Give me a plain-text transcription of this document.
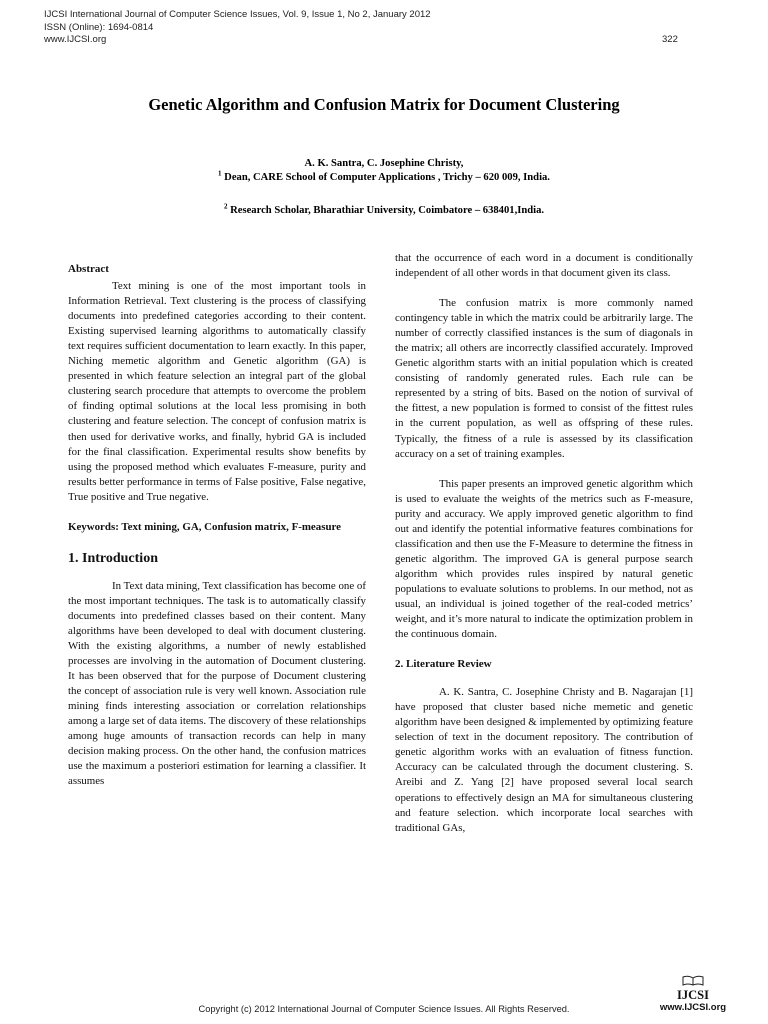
IJCSI International Journal of Computer Science Issues, Vol. 9, Issue 1, No 2, January 2012
ISSN (Online): 1694-0814
www.IJCSI.org	322
Genetic Algorithm and Confusion Matrix for Document Clustering
A. K. Santra, C. Josephine Christy,
$^1$ Dean, CARE School of Computer Applications , Trichy – 620 009, India.
$^2$ Research Scholar, Bharathiar University, Coimbatore – 638401,India.
Abstract

Text mining is one of the most important tools in Information Retrieval. Text clustering is the process of classifying documents into predefined categories according to their content. Existing supervised learning algorithms to automatically classify text requires sufficient documentation to learn exactly. In this paper, Niching memetic algorithm and Genetic algorithm (GA) is presented in which feature selection an integral part of the global clustering search procedure that attempts to overcome the problem of finding optimal solutions at the local less promising in both clustering and feature selection. The concept of confusion matrix is then used for derivative works, and finally, hybrid GA is included for the final classification. Experimental results show benefits by using the proposed method which evaluates F-measure, purity and results better performance in terms of False positive, False negative, True positive and True negative.

Keywords: Text mining, GA, Confusion matrix, F-measure

1. Introduction

In Text data mining, Text classification has become one of the most important techniques. The task is to automatically classify documents into predefined classes based on their content. Many algorithms have been developed to deal with document clustering. With the existing algorithms, a number of newly established processes are involving in the automation of Document clustering. It has been observed that for the purpose of Document clustering the concept of association rule is very well known. Association rule mining finds interesting association or correlation relationships among a large set of data items. The discovery of these relationships among huge amounts of transaction records can help in many decision making process. On the other hand, the confusion matrices use the maximum a posteriori estimation for learning a classifier. It assumes

that the occurrence of each word in a document is conditionally independent of all other words in that document given its class.

The confusion matrix is more commonly named contingency table in which the matrix could be arbitrarily large. The number of correctly classified instances is the sum of diagonals in the matrix; all others are incorrectly classified accurately. Improved Genetic algorithm starts with an initial population which is created consisting of randomly generated rules. Each rule can be represented by a string of bits. Based on the notion of survival of the fittest, a new population is formed to consist of the fittest rules in the current population, as well as offspring of these rules. Typically, the fitness of a rule is assessed by its classification accuracy on a set of training examples.

This paper presents an improved genetic algorithm which is used to evaluate the weights of the metrics such as F-measure, purity and accuracy. We apply improved genetic algorithm to find out and identify the potential informative features combinations for classification and then use the F-Measure to determine the fitness in genetic algorithm. The improved GA is general purpose search algorithm which provides rules inspired by natural genetic populations to evaluate solutions to problems. In our method, not as usual, an individual is joined together of the real-coded metrics’ weight, and it’s more natural to indicate the optimization problem in the continuous domain.

2. Literature Review

A. K. Santra, C. Josephine Christy and B. Nagarajan [1] have proposed that cluster based niche memetic and genetic algorithm have been designed & implemented by optimizing feature selection of text in the document repository. The contribution of genetic algorithm works with an evaluation of fitness function. Accuracy can be calculated through the document clustering. S. Areibi and Z. Yang [2] have proposed several local search operations to effectively design an MA for simultaneous clustering and feature selection. which incorporate local searches with traditional GAs,

Copyright (c) 2012 International Journal of Computer Science Issues. All Rights Reserved.
IJCSI
www.IJCSI.org
